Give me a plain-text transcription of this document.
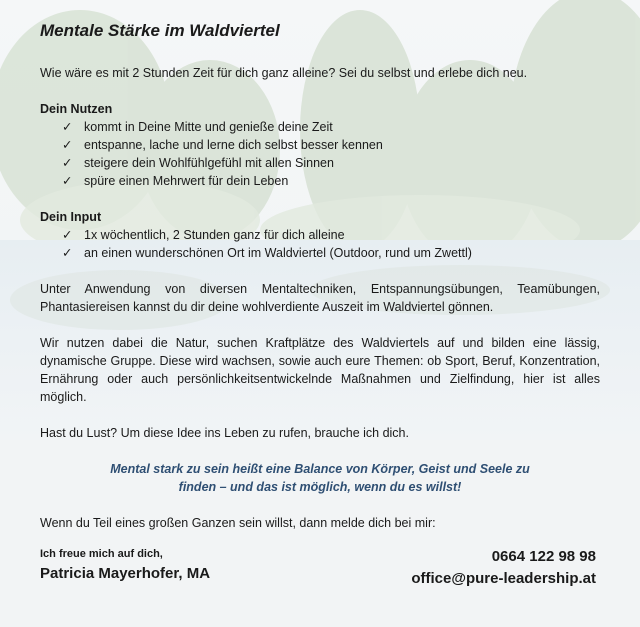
Mentale Stärke im Waldviertel

Wie wäre es mit 2 Stunden Zeit für dich ganz alleine? Sei du selbst und erlebe dich neu.

Dein Nutzen
✓ kommt in Deine Mitte und genieße deine Zeit
✓ entspanne, lache und lerne dich selbst besser kennen
✓ steigere dein Wohlfühlgefühl mit allen Sinnen
✓ spüre einen Mehrwert für dein Leben
Dein Input
✓ 1x wöchentlich, 2 Stunden ganz für dich alleine
✓ an einen wunderschönen Ort im Waldviertel (Outdoor, rund um Zwettl)

Unter Anwendung von diversen Mentaltechniken, Entspannungsübungen, Teamübungen, Phantasiereisen kannst du dir deine wohlverdiente Auszeit im Waldviertel gönnen.

Wir nutzen dabei die Natur, suchen Kraftplätze des Waldviertels auf und bilden eine lässig, dynamische Gruppe. Diese wird wachsen, sowie auch eure Themen: ob Sport, Beruf, Konzentration, Ernährung oder auch persönlichkeitsentwickelnde Maßnahmen und Zielfindung, hier ist alles möglich.

Hast du Lust? Um diese Idee ins Leben zu rufen, brauche ich dich.

Mental stark zu sein heißt eine Balance von Körper, Geist und Seele zu finden – und das ist möglich, wenn du es willst!

Wenn du Teil eines großen Ganzen sein willst, dann melde dich bei mir:

Ich freue mich auf dich,
Patricia Mayerhofer, MA
0664 122 98 98
office@pure-leadership.at
